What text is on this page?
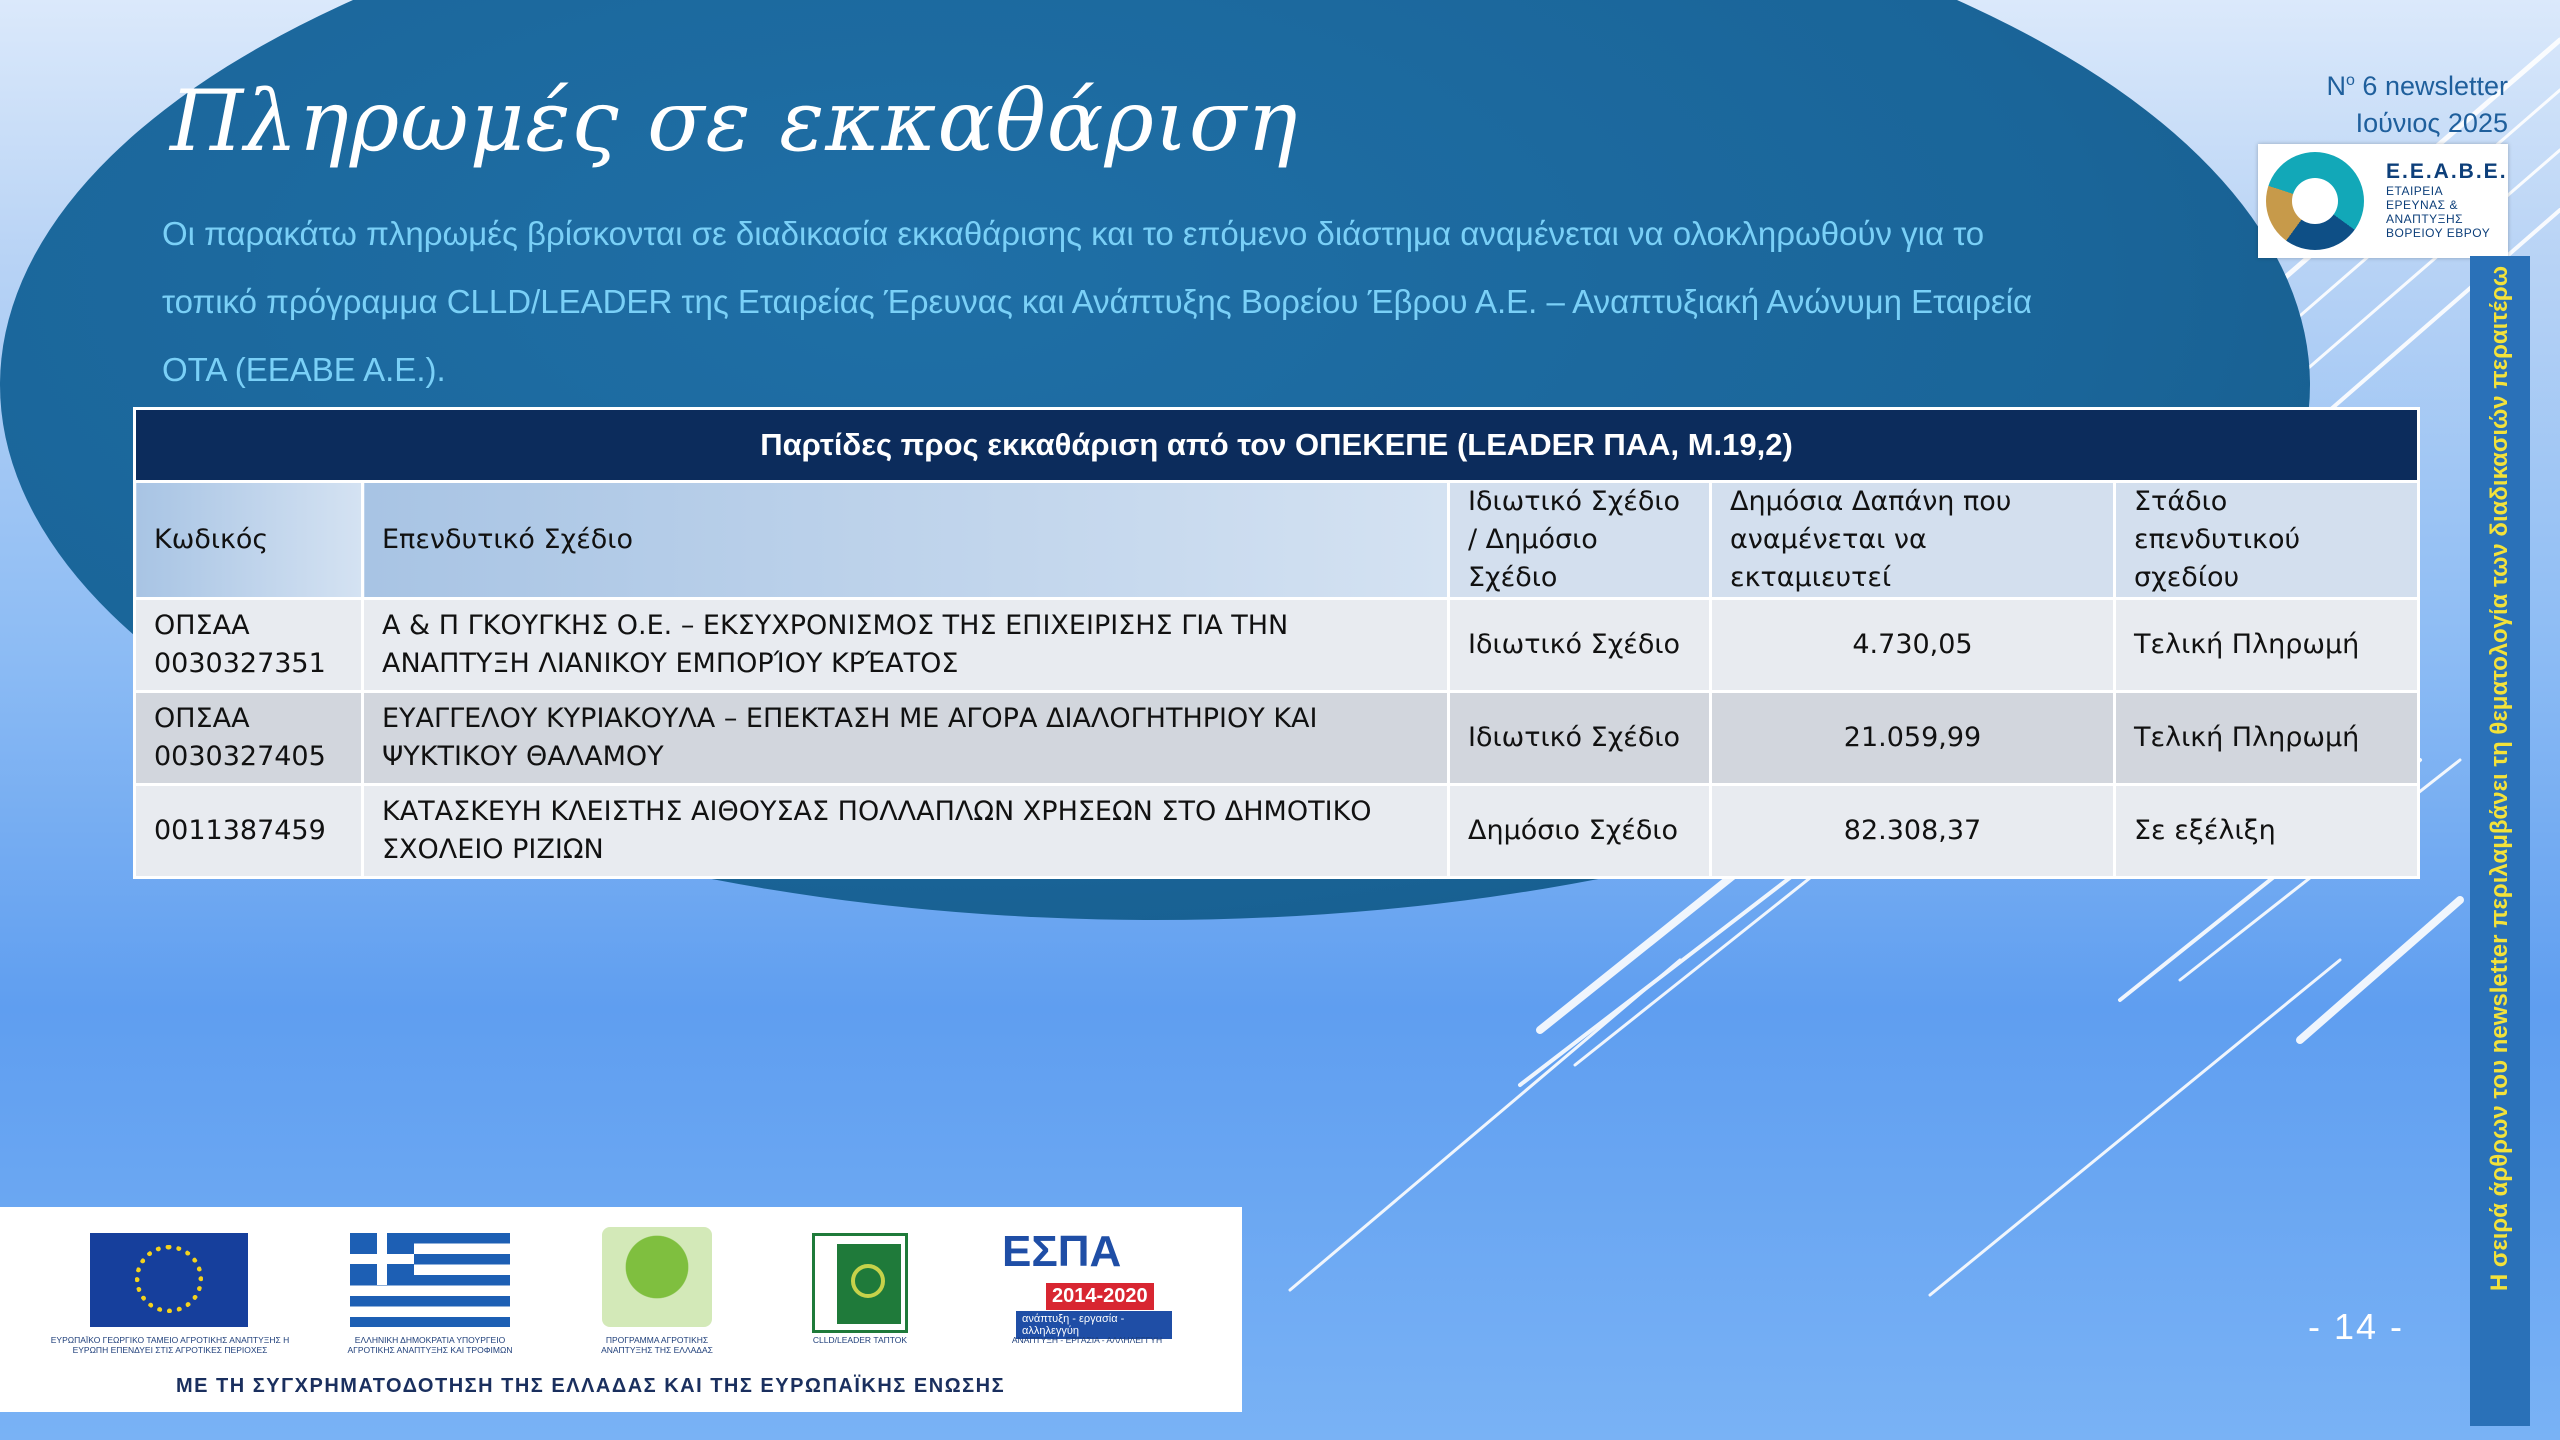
Πληρωμές σε εκκαθάριση

Οι παρακάτω πληρωμές βρίσκονται σε διαδικασία εκκαθάρισης και το επόμενο διάστημα αναμένεται να ολοκληρωθούν για το τοπικό πρόγραμμα CLLD/LEADER της Εταιρείας Έρευνας και Ανάπτυξης Βορείου Έβρου Α.Ε. – Αναπτυξιακή Ανώνυμη Εταιρεία ΟΤΑ (ΕΕΑΒΕ Α.Ε.).

$N^o$ 6 newsletter
Ιούνιος 2025
Ε.Ε.Α.Β.Ε.
ΕΤΑΙΡΕΙΑ
ΕΡΕΥΝΑΣ &
ΑΝΑΠΤΥΞΗΣ
ΒΟΡΕΙΟΥ ΕΒΡΟΥ
Η σειρά άρθρων του newsletter περιλαμβάνει τη θεματολογία των διαδικασιών περαιτέρω
Παρτίδες προς εκκαθάριση από τον ΟΠΕΚΕΠΕ (LEADER ΠΑΑ, Μ.19,2)				
Κωδικός	Επενδυτικό Σχέδιο	Ιδιωτικό Σχέδιο / Δημόσιο Σχέδιο	Δημόσια Δαπάνη που αναμένεται να εκταμιευτεί	Στάδιο επενδυτικού σχεδίου
ΟΠΣΑΑ 0030327351	Α & Π ΓΚΟΥΓΚΗΣ Ο.Ε. – ΕΚΣΥΧΡΟΝΙΣΜΟΣ ΤΗΣ ΕΠΙΧΕΙΡΙΣΗΣ ΓΙΑ ΤΗΝ ΑΝΑΠΤΥΞΗ ΛΙΑΝΙΚΟΥ ΕΜΠΟΡΊΟΥ ΚΡΈΑΤΟΣ	Ιδιωτικό Σχέδιο	4.730,05	Τελική Πληρωμή
ΟΠΣΑΑ 0030327405	ΕΥΑΓΓΕΛΟΥ ΚΥΡΙΑΚΟΥΛΑ – ΕΠΕΚΤΑΣΗ ΜΕ ΑΓΟΡΑ ΔΙΑΛΟΓΗΤΗΡΙΟΥ ΚΑΙ ΨΥΚΤΙΚΟΥ ΘΑΛΑΜΟΥ	Ιδιωτικό Σχέδιο	21.059,99	Τελική Πληρωμή
0011387459	ΚΑΤΑΣΚΕΥΗ ΚΛΕΙΣΤΗΣ ΑΙΘΟΥΣΑΣ ΠΟΛΛΑΠΛΩΝ ΧΡΗΣΕΩΝ ΣΤΟ ΔΗΜΟΤΙΚΟ ΣΧΟΛΕΙΟ ΡΙΖΙΩΝ	Δημόσιο Σχέδιο	82.308,37	Σε εξέλιξη
ΕΥΡΩΠΑΪΚΟ ΓΕΩΡΓΙΚΟ ΤΑΜΕΙΟ ΑΓΡΟΤΙΚΗΣ ΑΝΑΠΤΥΞΗΣ Η ΕΥΡΩΠΗ ΕΠΕΝΔΥΕΙ ΣΤΙΣ ΑΓΡΟΤΙΚΕΣ ΠΕΡΙΟΧΕΣ
ΕΛΛΗΝΙΚΗ ΔΗΜΟΚΡΑΤΙΑ ΥΠΟΥΡΓΕΙΟ ΑΓΡΟΤΙΚΗΣ ΑΝΑΠΤΥΞΗΣ ΚΑΙ ΤΡΟΦΙΜΩΝ
ΠΡΟΓΡΑΜΜΑ ΑΓΡΟΤΙΚΗΣ ΑΝΑΠΤΥΞΗΣ ΤΗΣ ΕΛΛΑΔΑΣ
CLLD/LEADER ΤΑΠΤΟΚ
ΕΣΠΑ
2014-2020
ανάπτυξη - εργασία - αλληλεγγύη
ΑΝΑΠΤΥΞΗ - ΕΡΓΑΣΙΑ - ΑΛΛΗΛΕΓΓΥΗ
ΜΕ ΤΗ ΣΥΓΧΡΗΜΑΤΟΔΟΤΗΣΗ ΤΗΣ ΕΛΛΑΔΑΣ ΚΑΙ ΤΗΣ ΕΥΡΩΠΑΪΚΗΣ ΕΝΩΣΗΣ
- 14 -
